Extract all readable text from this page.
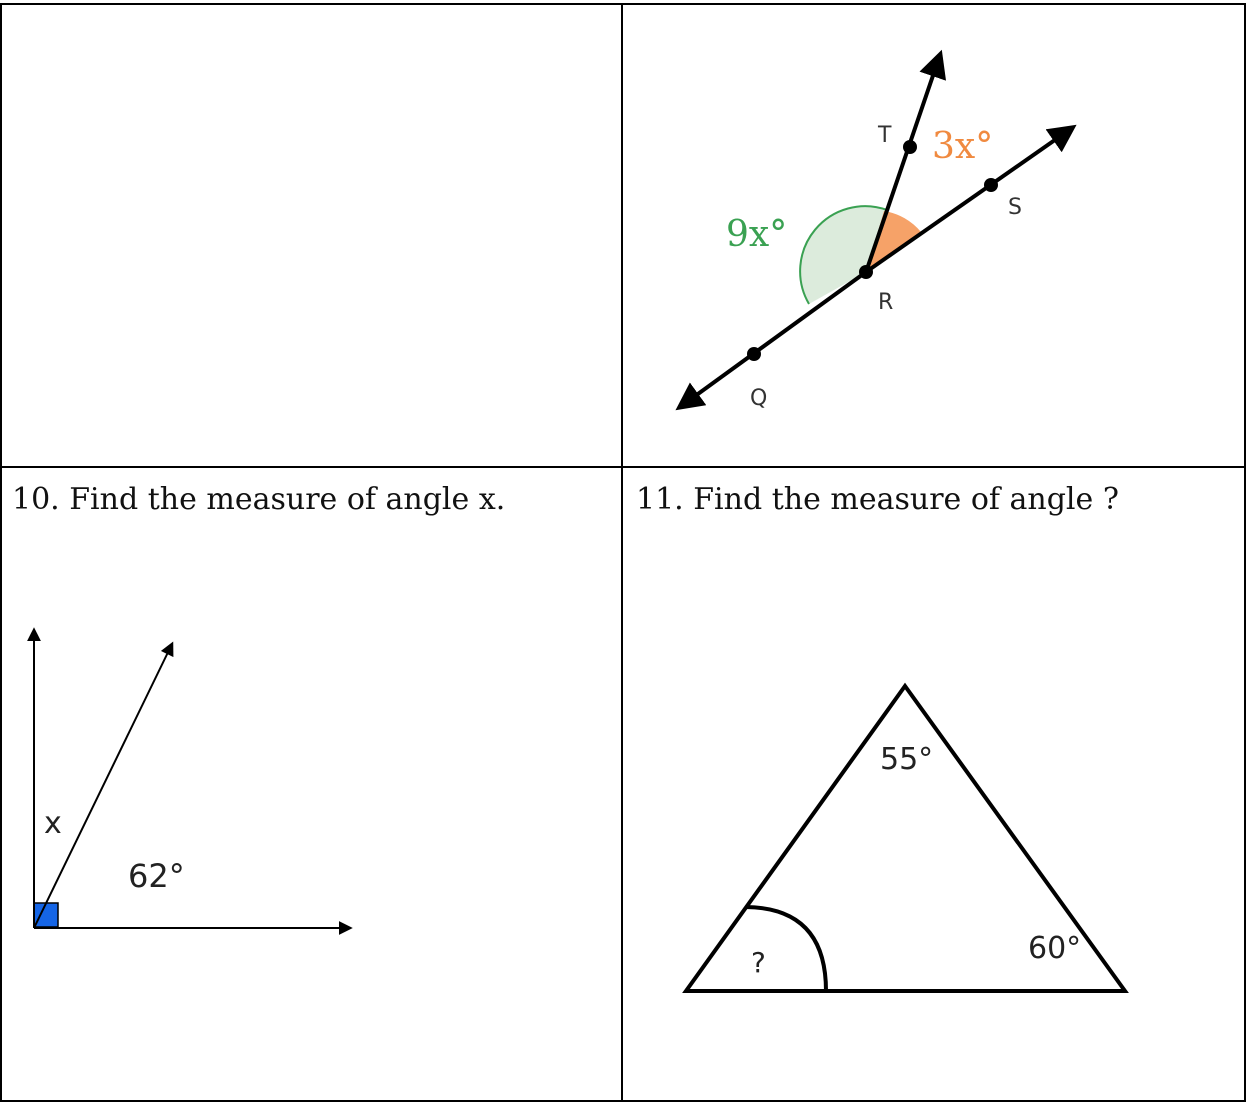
T
S
R
Q
9x°
3x°
10. Find the measure of angle x.
x
62°
11. Find the measure of angle ?
55°
60°
?
